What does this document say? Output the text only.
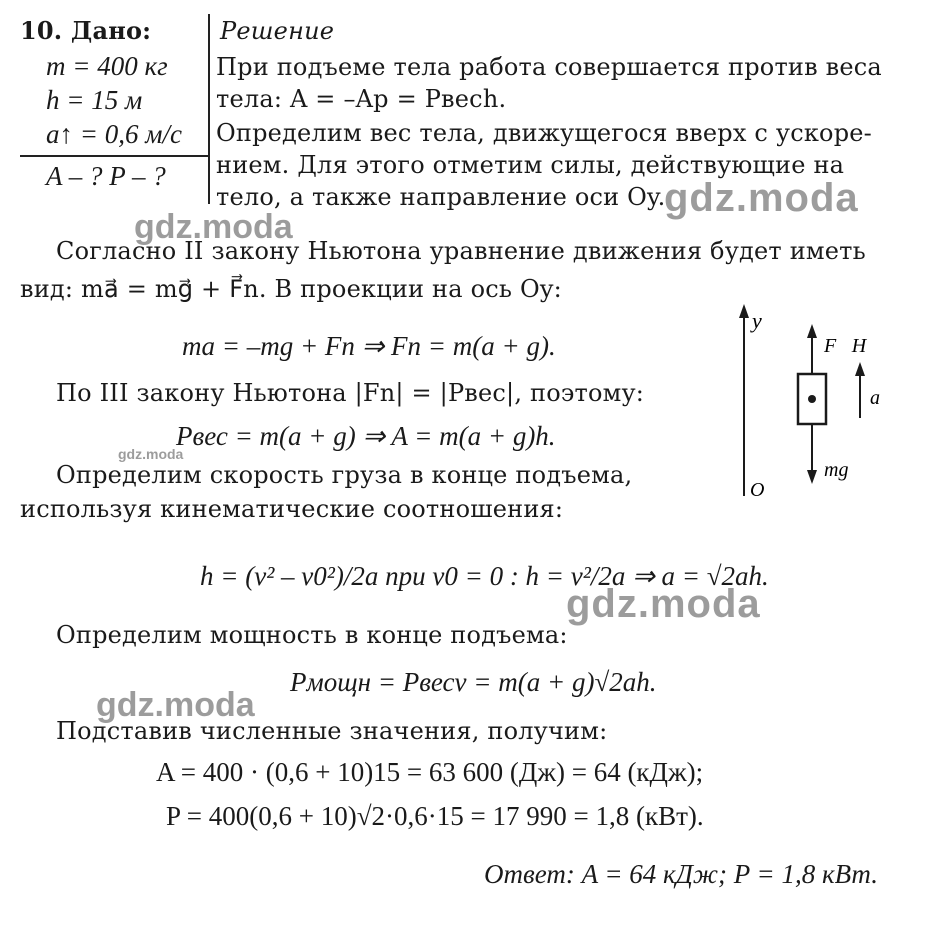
10. Дано:
m = 400 кг
h = 15 м
a↑ = 0,6 м/с
A – ? P – ?
Решение
При подъеме тела работа совершается против веса
тела: A = –Ap = Pвесh.
Определим вес тела, движущегося вверх с ускоре-
нием. Для этого отметим силы, действующие на
тело, а также направление оси Oy.
Согласно II закону Ньютона уравнение движения будет иметь
вид: ma⃗ = mg⃗ + F⃗n. В проекции на ось Oy:
ma = –mg + Fn ⇒ Fn = m(a + g).
По III закону Ньютона |Fn| = |Pвес|, поэтому:
Pвес = m(a + g) ⇒ A = m(a + g)h.
Определим скорость груза в конце подъема,
используя кинематические соотношения:
h = (v² – v0²)/2a при v0 = 0 : h = v²/2a ⇒ a = √2ah.
Определим мощность в конце подъема:
Pмощн = Pвесv = m(a + g)√2ah.
Подставив численные значения, получим:
A = 400 · (0,6 + 10)15 = 63 600 (Дж) = 64 (кДж);
P = 400(0,6 + 10)√2·0,6·15 = 17 990 = 1,8 (кВт).
Ответ: A = 64 кДж; P = 1,8 кВт.
y
O
F⃗H
mg⃗
a⃗
gdz.moda
gdz.moda
gdz.moda
gdz.moda
gdz.moda
